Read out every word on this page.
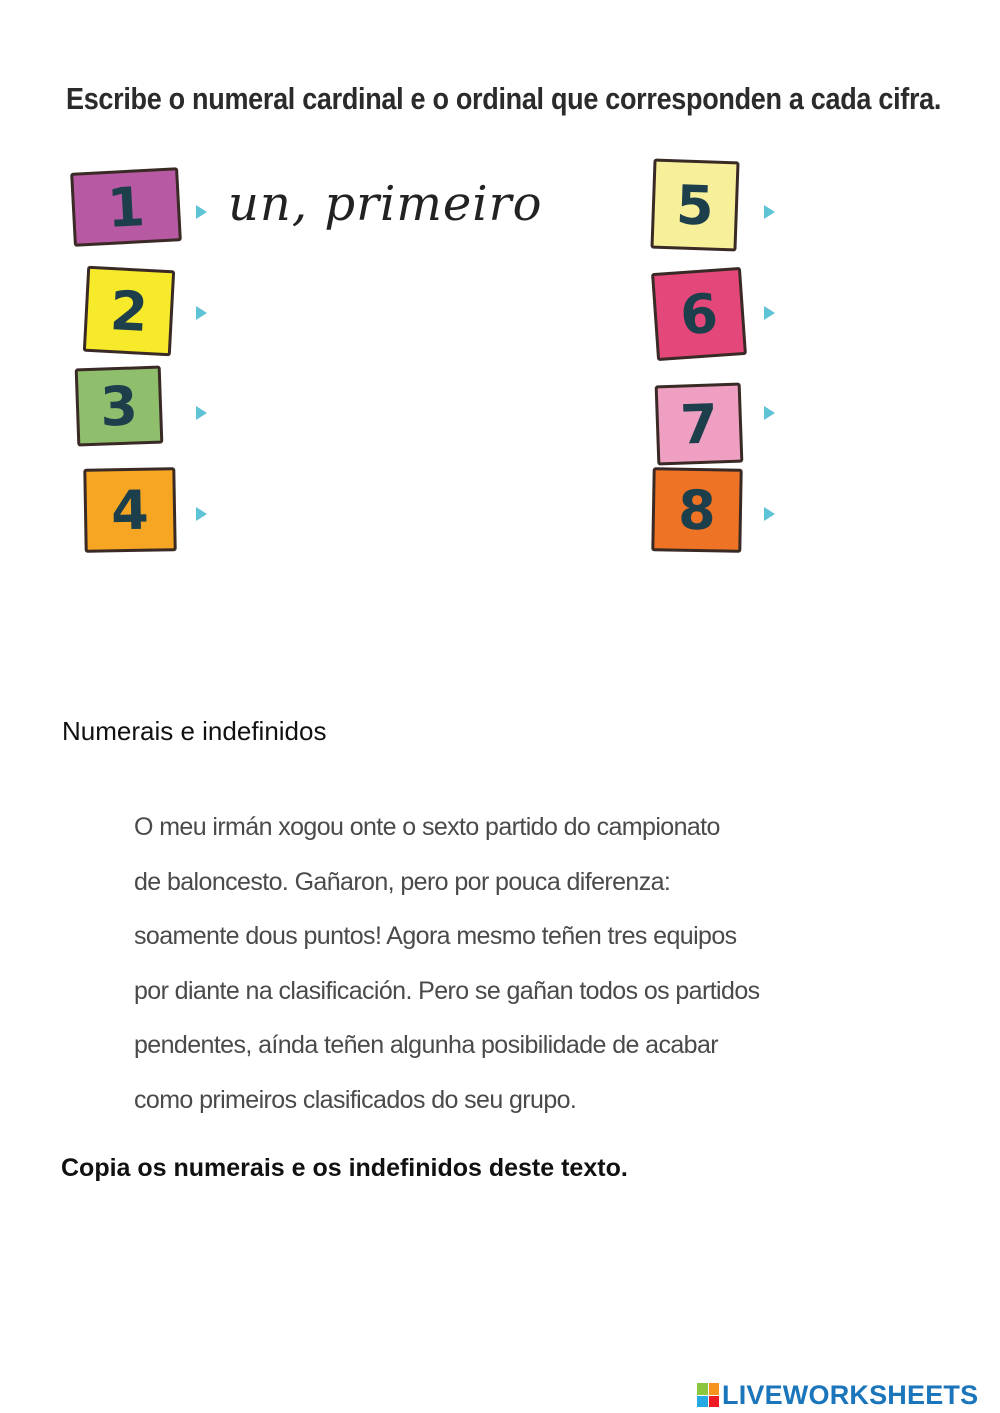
Escribe o numeral cardinal e o ordinal que corresponden a cada cifra.
1
2
3
4
5
6
7
8
un, primeiro
Numerais e indefinidos
O meu irmán xogou onte o sexto partido do campionato
de baloncesto. Gañaron, pero por pouca diferenza:
soamente dous puntos! Agora mesmo teñen tres equipos
por diante na clasificación. Pero se gañan todos os partidos
pendentes, aínda teñen algunha posibilidade de acabar
como primeiros clasificados do seu grupo.
Copia os numerais e os indefinidos deste texto.
LIVEWORKSHEETS
